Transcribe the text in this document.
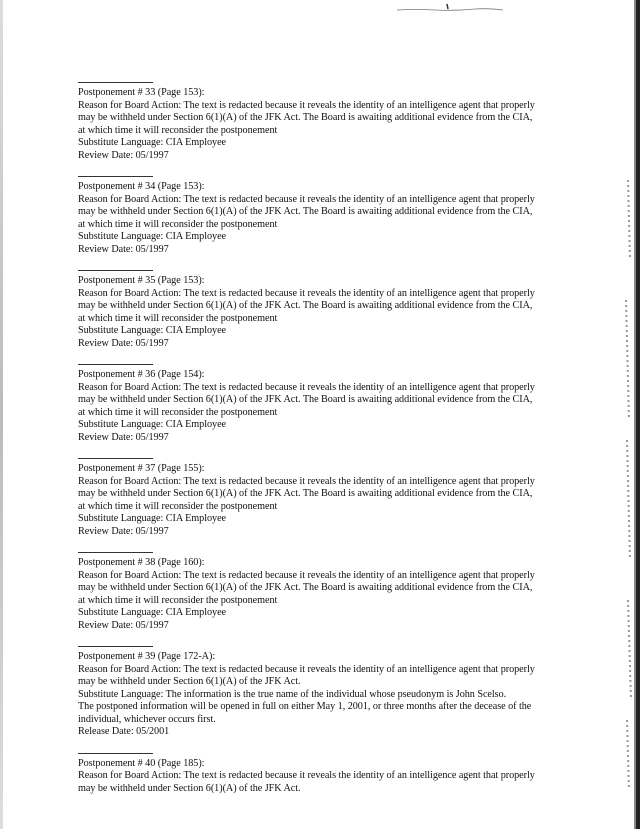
Postponement # 33 (Page 153):
Reason for Board Action: The text is redacted because it reveals the identity of an intelligence agent that properly
may be withheld under Section 6(1)(A) of the JFK Act. The Board is awaiting additional evidence from the CIA,
at which time it will reconsider the postponement
Substitute Language: CIA Employee
Review Date: 05/1997
Postponement # 34 (Page 153):
Reason for Board Action: The text is redacted because it reveals the identity of an intelligence agent that properly
may be withheld under Section 6(1)(A) of the JFK Act. The Board is awaiting additional evidence from the CIA,
at which time it will reconsider the postponement
Substitute Language: CIA Employee
Review Date: 05/1997
Postponement # 35 (Page 153):
Reason for Board Action: The text is redacted because it reveals the identity of an intelligence agent that properly
may be withheld under Section 6(1)(A) of the JFK Act. The Board is awaiting additional evidence from the CIA,
at which time it will reconsider the postponement
Substitute Language: CIA Employee
Review Date: 05/1997
Postponement # 36 (Page 154):
Reason for Board Action: The text is redacted because it reveals the identity of an intelligence agent that properly
may be withheld under Section 6(1)(A) of the JFK Act. The Board is awaiting additional evidence from the CIA,
at which time it will reconsider the postponement
Substitute Language: CIA Employee
Review Date: 05/1997
Postponement # 37 (Page 155):
Reason for Board Action: The text is redacted because it reveals the identity of an intelligence agent that properly
may be withheld under Section 6(1)(A) of the JFK Act. The Board is awaiting additional evidence from the CIA,
at which time it will reconsider the postponement
Substitute Language: CIA Employee
Review Date: 05/1997
Postponement # 38 (Page 160):
Reason for Board Action: The text is redacted because it reveals the identity of an intelligence agent that properly
may be withheld under Section 6(1)(A) of the JFK Act. The Board is awaiting additional evidence from the CIA,
at which time it will reconsider the postponement
Substitute Language: CIA Employee
Review Date: 05/1997
Postponement # 39 (Page 172-A):
Reason for Board Action: The text is redacted because it reveals the identity of an intelligence agent that properly
may be withheld under Section 6(1)(A) of the JFK Act.
Substitute Language: The information is the true name of the individual whose pseudonym is John Scelso.
The postponed information will be opened in full on either May 1, 2001, or three months after the decease of the
individual, whichever occurs first.
Release Date: 05/2001
Postponement # 40 (Page 185):
Reason for Board Action: The text is redacted because it reveals the identity of an intelligence agent that properly
may be withheld under Section 6(1)(A) of the JFK Act.
